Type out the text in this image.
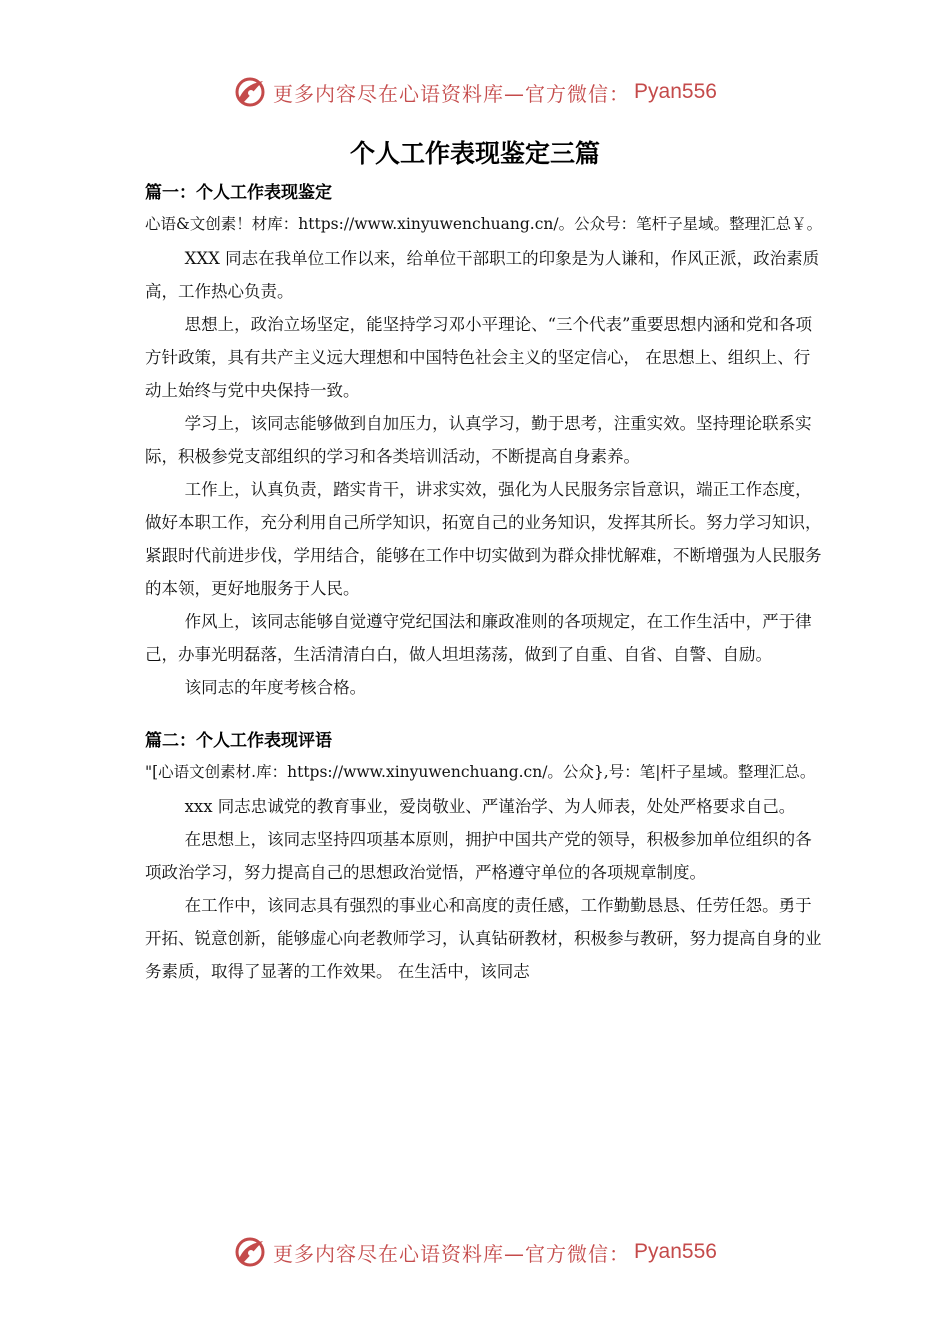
更多内容尽在心语资料库—官方微信： Pyan556
个人工作表现鉴定三篇
篇一：个人工作表现鉴定
心语&文创素！材库：https://www.xinyuwenchuang.cn/。公众号：笔杆子星域。整理汇总￥。

XXX 同志在我单位工作以来，给单位干部职工的印象是为人谦和，作风正派，政治素质高，工作热心负责。

思想上，政治立场坚定，能坚持学习邓小平理论、“三个代表”重要思想内涵和党和各项方针政策，具有共产主义远大理想和中国特色社会主义的坚定信心， 在思想上、组织上、行动上始终与党中央保持一致。

学习上，该同志能够做到自加压力，认真学习，勤于思考，注重实效。坚持理论联系实际，积极参党支部组织的学习和各类培训活动，不断提高自身素养。

工作上，认真负责，踏实肯干，讲求实效，强化为人民服务宗旨意识，端正工作态度，做好本职工作，充分利用自己所学知识，拓宽自己的业务知识，发挥其所长。努力学习知识，紧跟时代前进步伐，学用结合，能够在工作中切实做到为群众排忧解难，不断增强为人民服务的本领，更好地服务于人民。

作风上，该同志能够自觉遵守党纪国法和廉政准则的各项规定，在工作生活中，严于律己，办事光明磊落，生活清清白白，做人坦坦荡荡，做到了自重、自省、自警、自励。

该同志的年度考核合格。

篇二：个人工作表现评语
"[心语文创素材.库：https://www.xinyuwenchuang.cn/。公众},号：笔|杆子星域。整理汇总。

xxx 同志忠诚党的教育事业，爱岗敬业、严谨治学、为人师表，处处严格要求自己。

在思想上，该同志坚持四项基本原则，拥护中国共产党的领导，积极参加单位组织的各项政治学习，努力提高自己的思想政治觉悟，严格遵守单位的各项规章制度。

在工作中，该同志具有强烈的事业心和高度的责任感，工作勤勤恳恳、任劳任怨。勇于开拓、锐意创新，能够虚心向老教师学习，认真钻研教材，积极参与教研，努力提高自身的业务素质，取得了显著的工作效果。 在生活中，该同志

更多内容尽在心语资料库—官方微信： Pyan556
